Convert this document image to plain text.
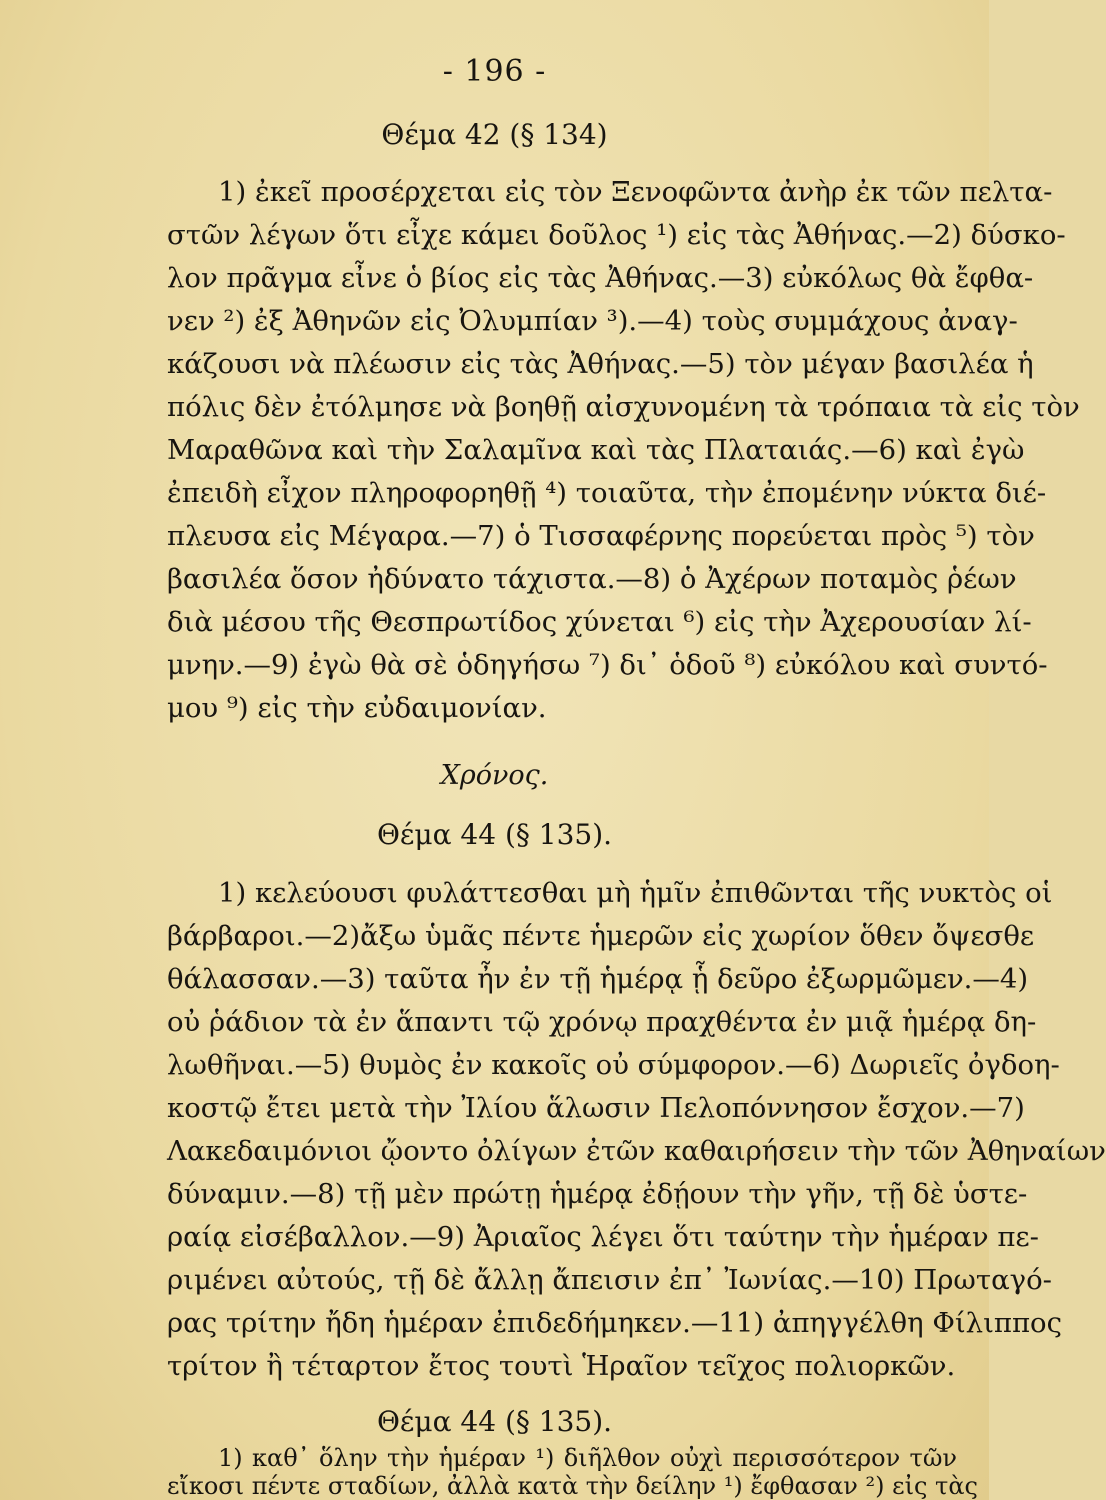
- 196 -
Θέμα 42 (§ 134)
1) ἐκεῖ προσέρχεται εἰς τὸν Ξενοφῶντα ἀνὴρ ἐκ τῶν πελτα-
στῶν λέγων ὅτι εἶχε κάμει δοῦλος ¹) εἰς τὰς Ἀθήνας.—2) δύσκο-
λον πρᾶγμα εἶνε ὁ βίος εἰς τὰς Ἀθήνας.—3) εὐκόλως θὰ ἔφθα-
νεν ²) ἐξ Ἀθηνῶν εἰς Ὀλυμπίαν ³).—4) τοὺς συμμάχους ἀναγ-
κάζουσι νὰ πλέωσιν εἰς τὰς Ἀθήνας.—5) τὸν μέγαν βασιλέα ἡ
πόλις δὲν ἐτόλμησε νὰ βοηθῇ αἰσχυνομένη τὰ τρόπαια τὰ εἰς τὸν
Μαραθῶνα καὶ τὴν Σαλαμῖνα καὶ τὰς Πλαταιάς.—6) καὶ ἐγὼ
ἐπειδὴ εἶχον πληροφορηθῇ ⁴) τοιαῦτα, τὴν ἐπομένην νύκτα διέ-
πλευσα εἰς Μέγαρα.—7) ὁ Τισσαφέρνης πορεύεται πρὸς ⁵) τὸν
βασιλέα ὅσον ἠδύνατο τάχιστα.—8) ὁ Ἀχέρων ποταμὸς ῥέων
διὰ μέσου τῆς Θεσπρωτίδος χύνεται ⁶) εἰς τὴν Ἀχερουσίαν λί-
μνην.—9) ἐγὼ θὰ σὲ ὁδηγήσω ⁷) δι᾽ ὁδοῦ ⁸) εὐκόλου καὶ συντό-
μου ⁹) εἰς τὴν εὐδαιμονίαν.
Χρόνος.
Θέμα 44 (§ 135).
1) κελεύουσι φυλάττεσθαι μὴ ἡμῖν ἐπιθῶνται τῆς νυκτὸς οἱ
βάρβαροι.—2)ἄξω ὑμᾶς πέντε ἡμερῶν εἰς χωρίον ὅθεν ὄψεσθε
θάλασσαν.—3) ταῦτα ἦν ἐν τῇ ἡμέρᾳ ᾗ δεῦρο ἐξωρμῶμεν.—4)
οὐ ῥάδιον τὰ ἐν ἅπαντι τῷ χρόνῳ πραχθέντα ἐν μιᾷ ἡμέρᾳ δη-
λωθῆναι.—5) θυμὸς ἐν κακοῖς οὐ σύμφορον.—6) Δωριεῖς ὀγδοη-
κοστῷ ἔτει μετὰ τὴν Ἰλίου ἅλωσιν Πελοπόννησον ἔσχον.—7)
Λακεδαιμόνιοι ᾤοντο ὀλίγων ἐτῶν καθαιρήσειν τὴν τῶν Ἀθηναίων
δύναμιν.—8) τῇ μὲν πρώτῃ ἡμέρᾳ ἐδῄουν τὴν γῆν, τῇ δὲ ὑστε-
ραίᾳ εἰσέβαλλον.—9) Ἀριαῖος λέγει ὅτι ταύτην τὴν ἡμέραν πε-
ριμένει αὐτούς, τῇ δὲ ἄλλῃ ἄπεισιν ἐπ᾽ Ἰωνίας.—10) Πρωταγό-
ρας τρίτην ἤδη ἡμέραν ἐπιδεδήμηκεν.—11) ἀπηγγέλθη Φίλιππος
τρίτον ἢ τέταρτον ἔτος τουτὶ Ἡραῖον τεῖχος πολιορκῶν.
Θέμα 44 (§ 135).
1) καθ᾽ ὅλην τὴν ἡμέραν ¹) διῆλθον οὐχὶ περισσότερον τῶν
εἴκοσι πέντε σταδίων, ἀλλὰ κατὰ τὴν δείλην ¹) ἔφθασαν ²) εἰς τὰς
